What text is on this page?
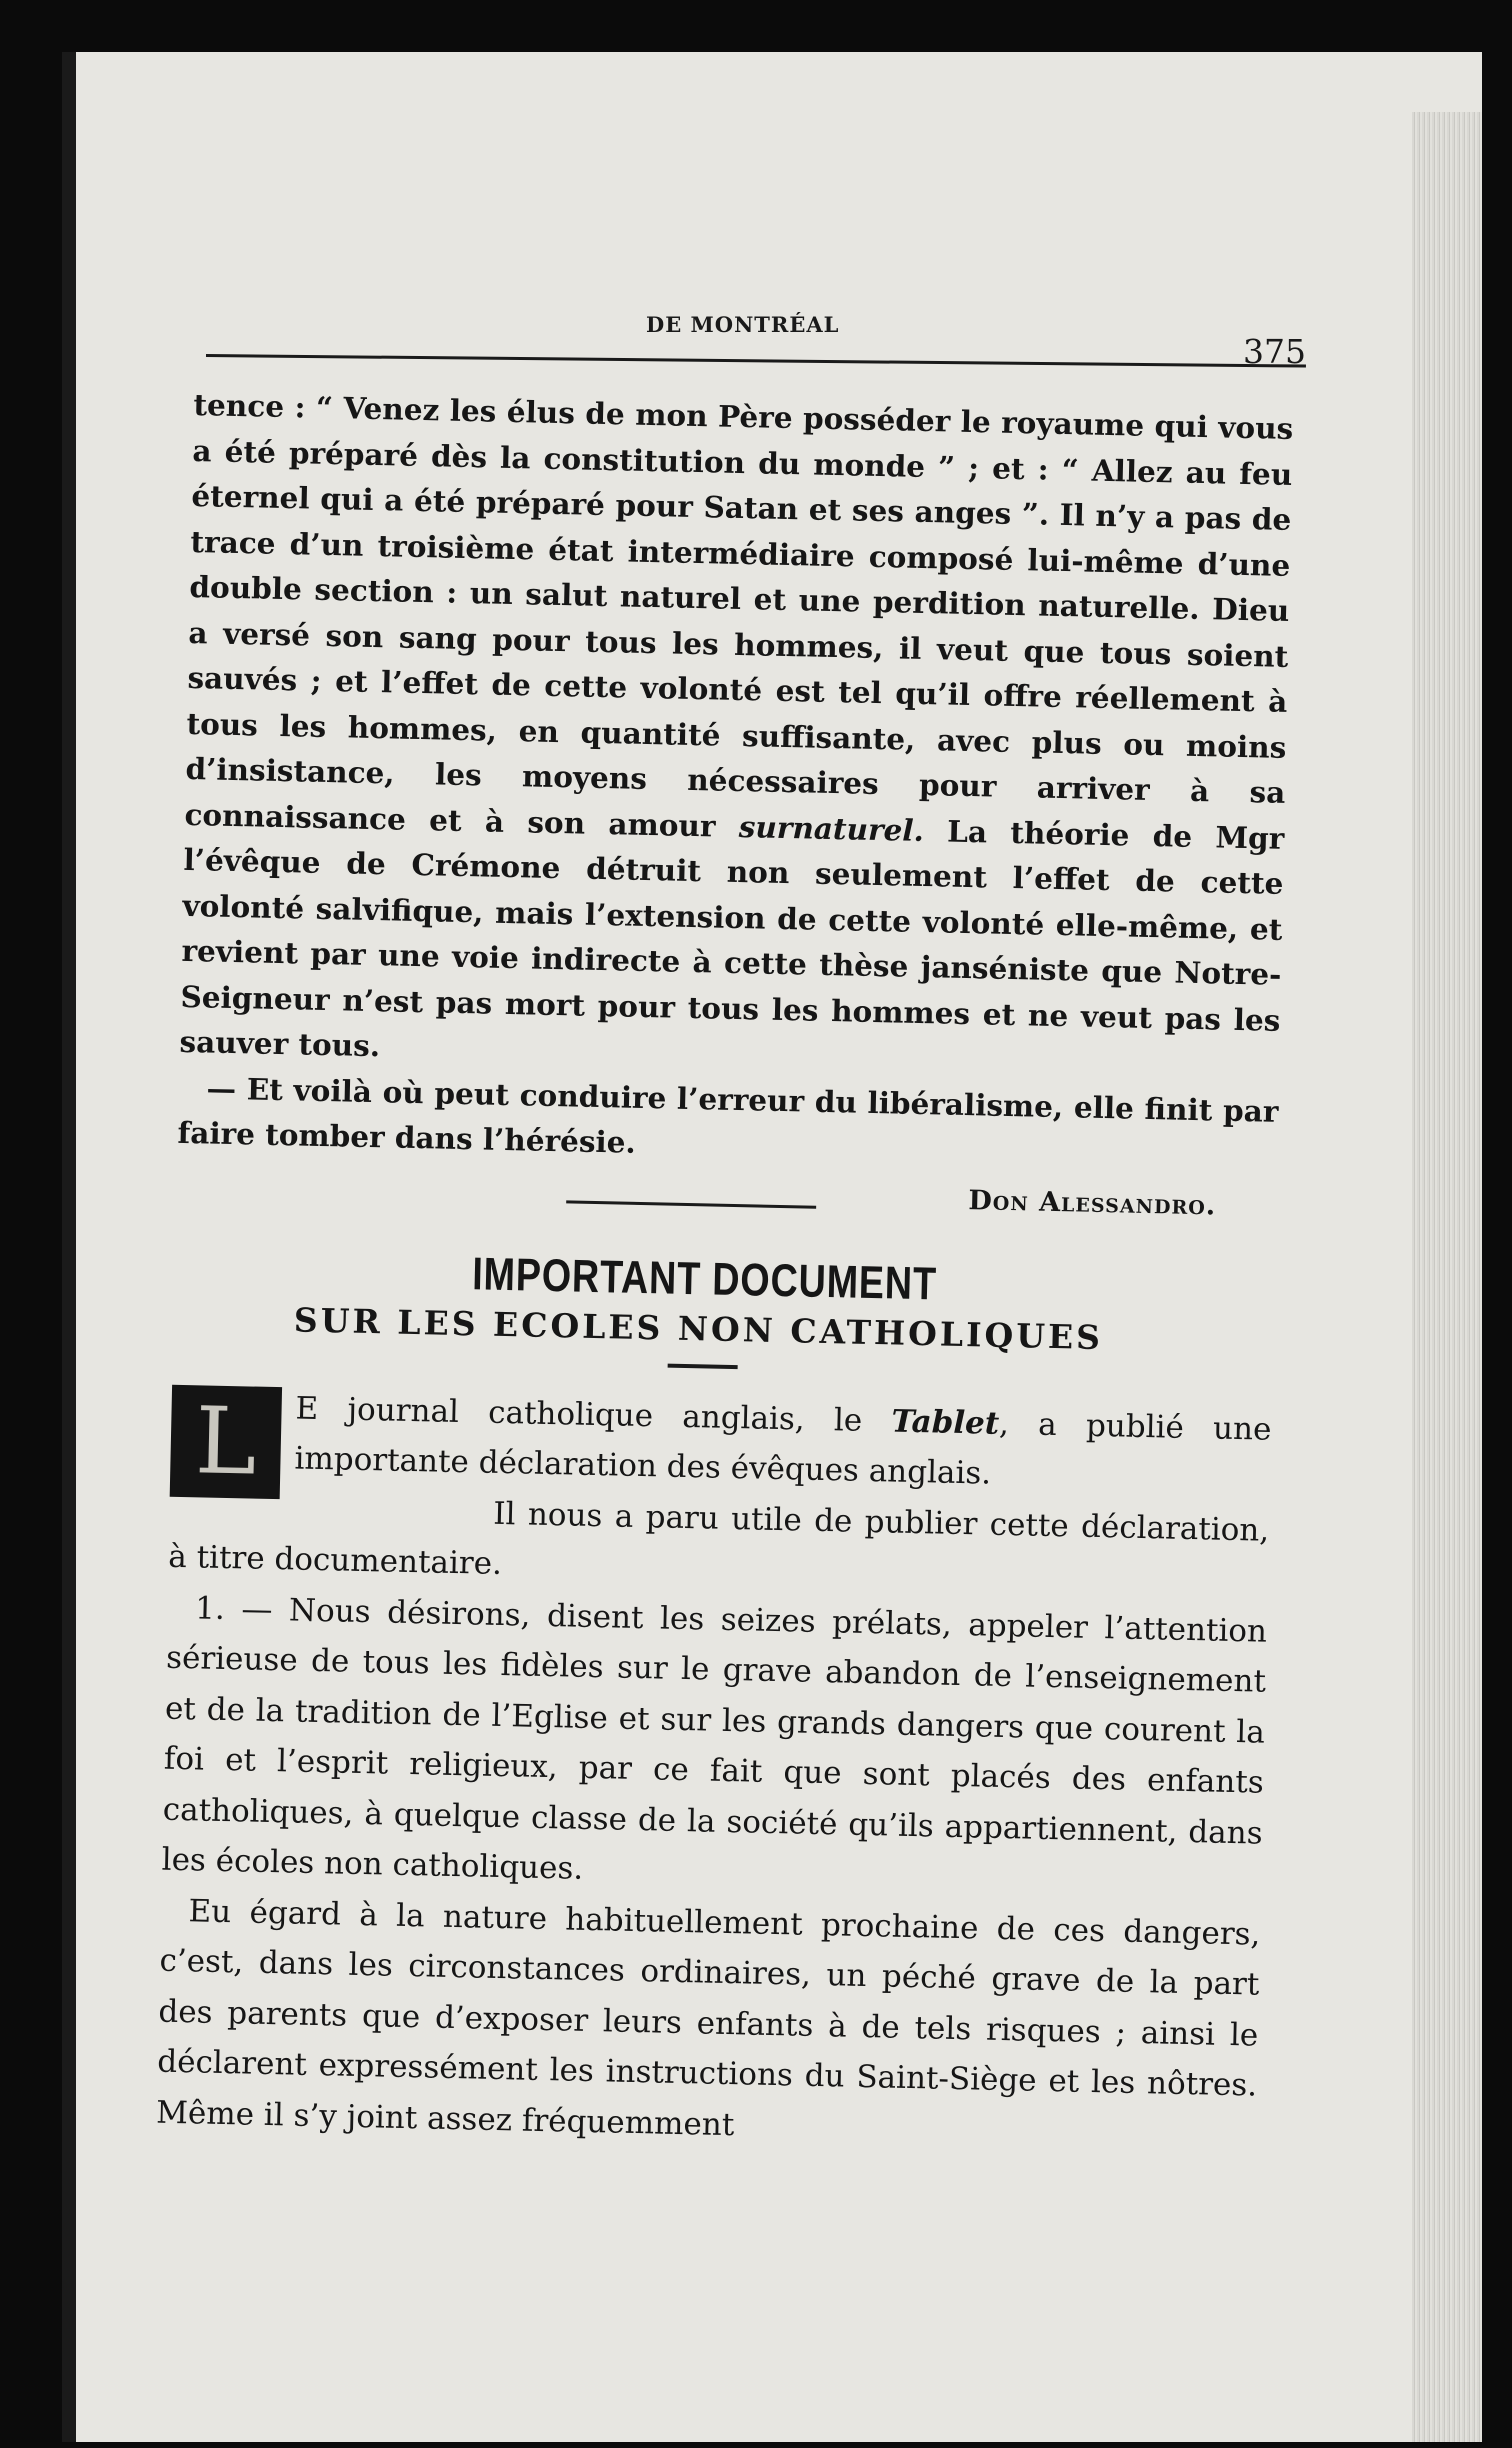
DE MONTRÉAL
375

tence : “ Venez les élus de mon Père posséder le royaume qui vous a été préparé dès la constitution du monde ” ; et : “ Allez au feu éternel qui a été préparé pour Satan et ses anges ”. Il n’y a pas de trace d’un troisième état intermédiaire composé lui-même d’une double section : un salut naturel et une perdition naturelle. Dieu a versé son sang pour tous les hommes, il veut que tous soient sauvés ; et l’effet de cette volonté est tel qu’il offre réellement à tous les hommes, en quantité suffisante, avec plus ou moins d’insistance, les moyens nécessaires pour arriver à sa connaissance et à son amour surnaturel. La théorie de Mgr l’évêque de Crémone détruit non seulement l’effet de cette volonté salvifique, mais l’extension de cette volonté elle-même, et revient par une voie indirecte à cette thèse janséniste que Notre-Seigneur n’est pas mort pour tous les hommes et ne veut pas les sauver tous.

— Et voilà où peut conduire l’erreur du libéralisme, elle finit par faire tomber dans l’hérésie.

Don Alessandro.
IMPORTANT DOCUMENT
SUR LES ECOLES NON CATHOLIQUES

L	E journal catholique anglais, le Tablet, a publié une importante déclaration des évêques anglais.

Il nous a paru utile de publier cette déclaration, à titre documentaire.

1. — Nous désirons, disent les seizes prélats, appeler l’attention sérieuse de tous les fidèles sur le grave abandon de l’enseignement et de la tradition de l’Eglise et sur les grands dangers que courent la foi et l’esprit religieux, par ce fait que sont placés des enfants catholiques, à quelque classe de la société qu’ils appartiennent, dans les écoles non catholiques.

Eu égard à la nature habituellement prochaine de ces dangers, c’est, dans les circonstances ordinaires, un péché grave de la part des parents que d’exposer leurs enfants à de tels risques ; ainsi le déclarent expressément les instructions du Saint-Siège et les nôtres. Même il s’y joint assez fréquemment
